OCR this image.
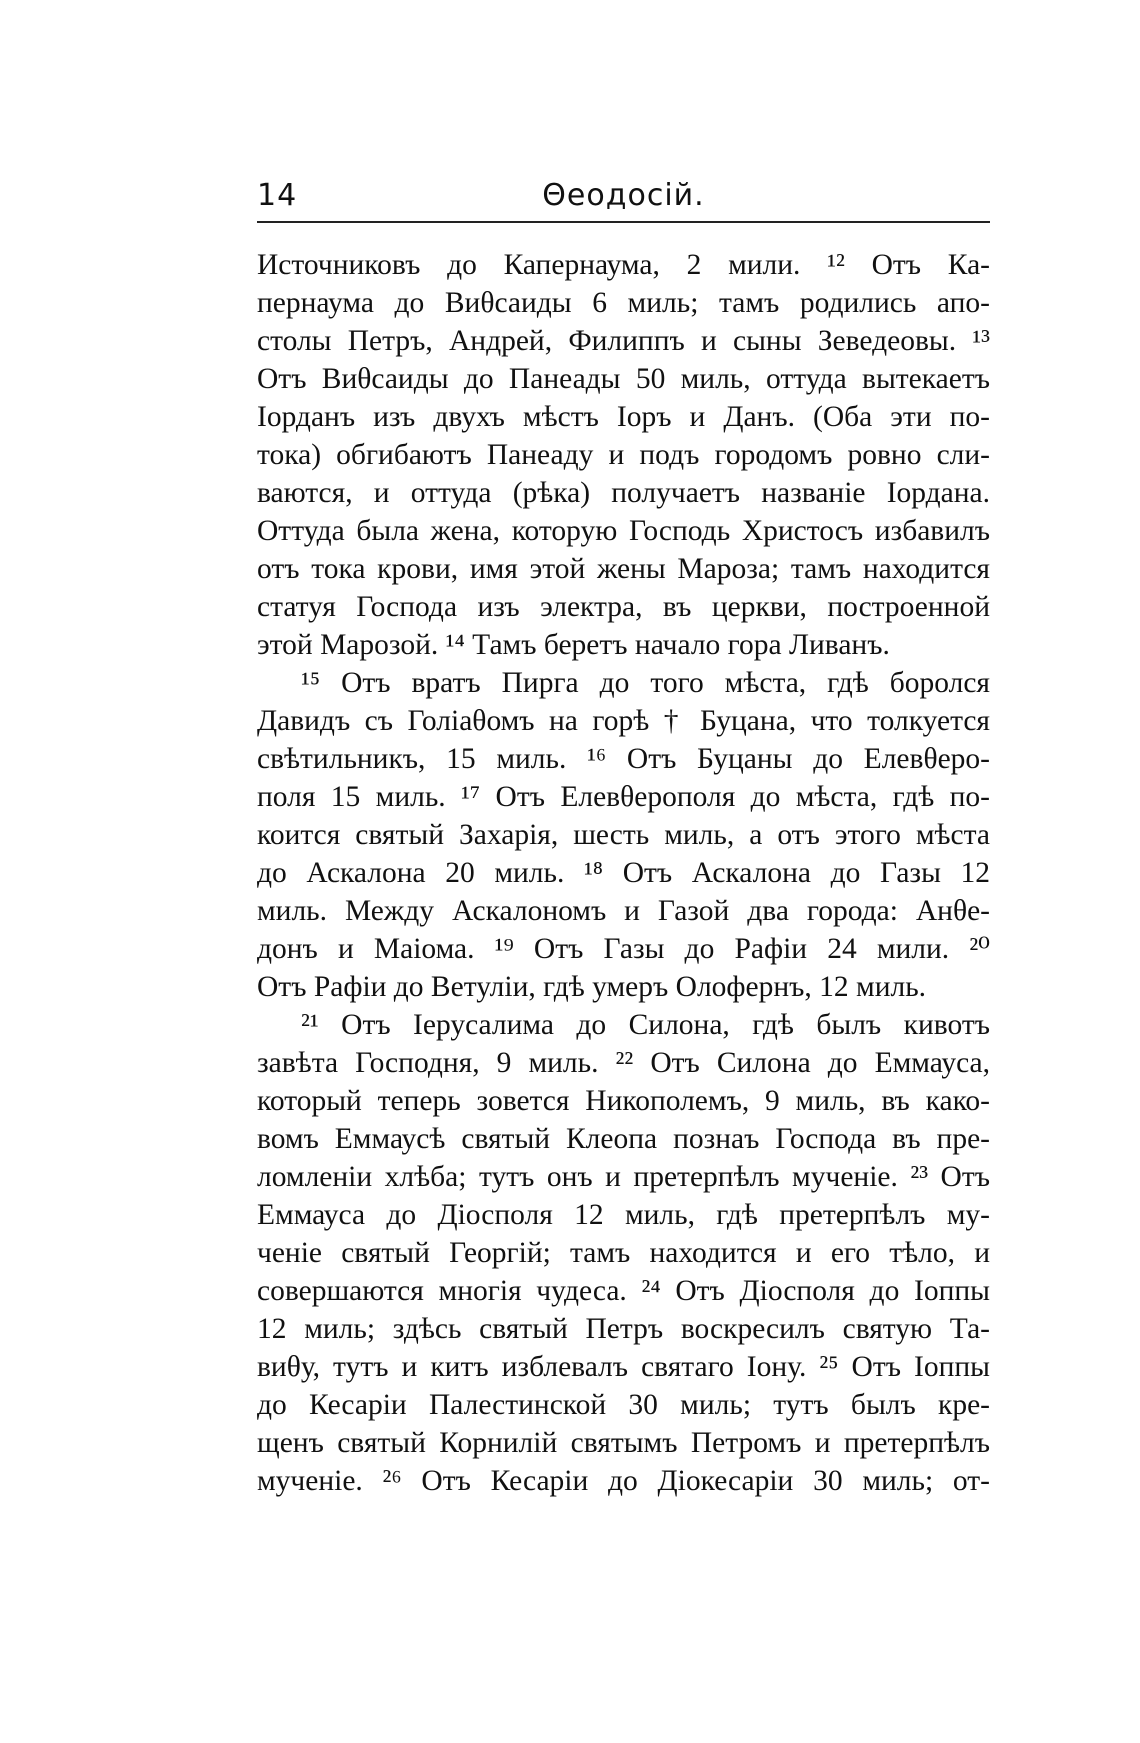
14	Θеодосій.
Источниковъ до Капернаума, 2 мили. ¹² Отъ Ка-
пернаума до Виθсаиды 6 миль; тамъ родились апо-
столы Петръ, Андрей, Филиппъ и сыны Зеведеовы. ¹³
Отъ Виθсаиды до Панеады 50 миль, оттуда вытекаетъ
Iорданъ изъ двухъ мѣстъ Iоръ и Данъ. (Оба эти по-
тока) обгибаютъ Панеаду и подъ городомъ ровно сли-
ваются, и оттуда (рѣка) получаетъ названіе Iордана.
Оттуда была жена, которую Господь Христосъ избавилъ
отъ тока крови, имя этой жены Мароза; тамъ находится
статуя Господа изъ электра, въ церкви, построенной
этой Марозой. ¹⁴ Тамъ беретъ начало гора Ливанъ.
¹⁵ Отъ вратъ Пирга до того мѣста, гдѣ боролся
Давидъ съ Голіаθомъ на горѣ † Буцана, что толкуется
свѣтильникъ, 15 миль. ¹⁶ Отъ Буцаны до Елевθеро-
поля 15 миль. ¹⁷ Отъ Елевθерополя до мѣста, гдѣ по-
коится святый Захарія, шесть миль, а отъ этого мѣста
до Аскалона 20 миль. ¹⁸ Отъ Аскалона до Газы 12
миль. Между Аскалономъ и Газой два города: Анθе-
донъ и Маіома. ¹⁹ Отъ Газы до Рафіи 24 мили. ²⁰
Отъ Рафіи до Ветуліи, гдѣ умеръ Олофернъ, 12 миль.
²¹ Отъ Iерусалима до Силона, гдѣ былъ кивотъ
завѣта Господня, 9 миль. ²² Отъ Силона до Еммауса,
который теперь зовется Никополемъ, 9 миль, въ како-
вомъ Еммаусѣ святый Клеопа познаъ Господа въ пре-
ломленіи хлѣба; тутъ онъ и претерпѣлъ мученіе. ²³ Отъ
Еммауса до Діосполя 12 миль, гдѣ претерпѣлъ му-
ченіе святый Георгій; тамъ находится и его тѣло, и
совершаются многія чудеса. ²⁴ Отъ Діосполя до Iоппы
12 миль; здѣсь святый Петръ воскресилъ святую Та-
виθу, тутъ и китъ изблевалъ святаго Iону. ²⁵ Отъ Iоппы
до Кесаріи Палестинской 30 миль; тутъ былъ кре-
щенъ святый Корнилій святымъ Петромъ и претерпѣлъ
мученіе. ²⁶ Отъ Кесаріи до Діокесаріи 30 миль; от-
